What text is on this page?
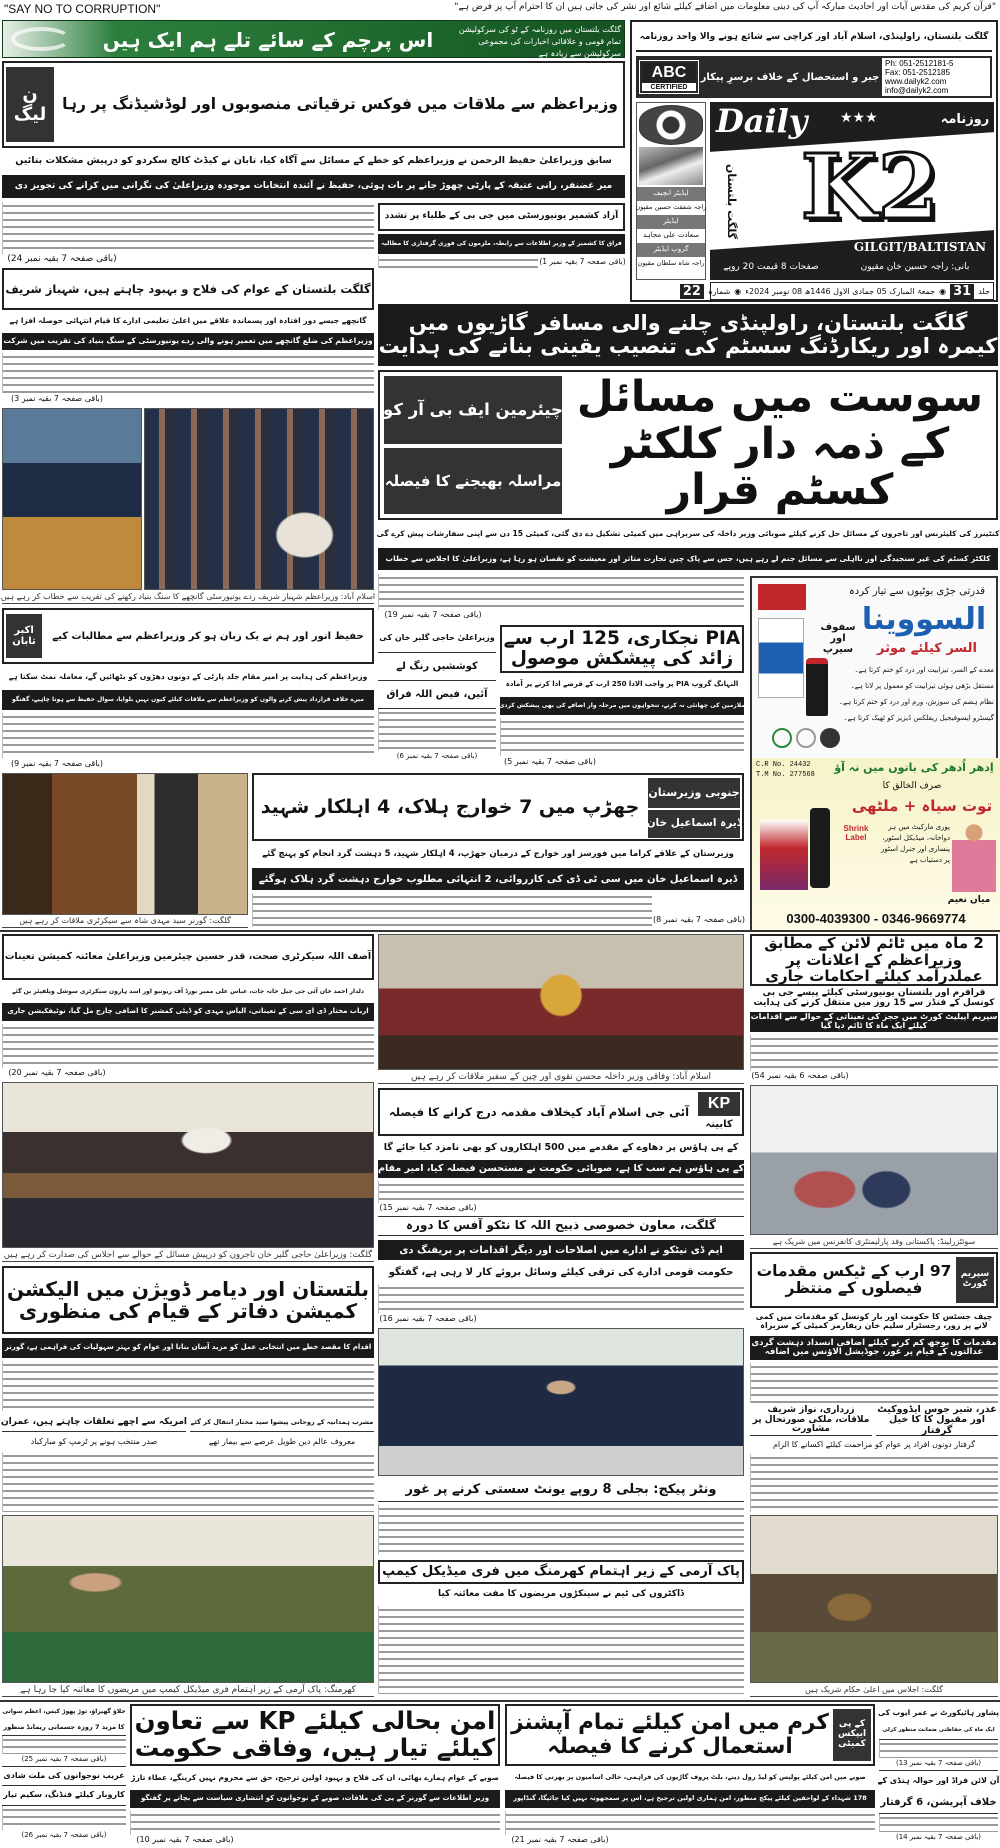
"SAY NO TO CORRUPTION"	"قرآن کریم کی مقدس آیات اور احادیث مبارکہ آپ کی دینی معلومات میں اضافے کیلئے شائع اور نشر کی جاتی ہیں ان کا احترام آپ پر فرض ہے"
اس پرچم کے سائے تلے ہم ایک ہیں	گلگت بلتستان میں روزنامہ کے ٹو کی سرکولیشن تمام قومی و علاقائی اخبارات کی مجموعی سرکولیشن سے زیادہ ہے
ن لیگ	وزیراعظم سے ملاقات میں فوکس ترقیاتی منصوبوں اور لوڈشیڈنگ پر رہا
سابق وزیراعلیٰ حفیظ الرحمن نے وزیراعظم کو خطے کے مسائل سے آگاہ کیا، تابان نے کیڈٹ کالج سکردو کو درپیش مشکلات بتائیں
میر غضنفر، رانی عتیقہ کے پارٹی چھوڑ جانے پر بات ہوئی، حفیظ نے آئندہ انتخابات موجودہ وزیراعلیٰ کی نگرانی میں کرانے کی تجویز دی
(باقی صفحہ 7 بقیہ نمبر 24)
آزاد کشمیر یونیورسٹی میں جی بی کے طلباء پر تشدد
فراق کا کشمیر کے وزیر اطلاعات سے رابطہ، ملزموں کی فوری گرفتاری کا مطالبہ
(باقی صفحہ 7 بقیہ نمبر 1)
گلگت بلتستان، راولپنڈی، اسلام آباد اور کراچی سے شائع ہونے والا واحد روزنامہ
ABC
CERTIFIED
جبر و استحصال کے خلاف برسرِ پیکار
Ph: 051-2512181-5
Fax: 051-2512185
www.dailyk2.com
info@dailyk2.com
ایڈیٹر انچیف
راجہ شفقت حسین مقپون
ایڈیٹر
سعادت علی مجاہد
گروپ ایڈیٹر
راجہ شاہ سلطان مقپون
Daily	★★★	روزنامہ
K2
گلگت بلتستان
GILGIT/BALTISTAN
صفحات 8 قیمت 20 روپے	بانی: راجہ حسین خان مقپون
جلد
31
◉
جمعۃ المبارک 05 جمادی الاول 1446ھ 08 نومبر 2024ء
◉
شمارہ
22
گلگت بلتستان کے عوام کی فلاح و بہبود چاہتے ہیں، شہباز شریف
گانچھے جیسے دور افتادہ اور پسماندہ علاقے میں اعلیٰ تعلیمی ادارے کا قیام انتہائی حوصلہ افزا ہے
وزیراعظم کی ضلع گانچھے میں تعمیر ہونے والی ردے یونیورسٹی کے سنگ بنیاد کی تقریب میں شرکت
(باقی صفحہ 7 بقیہ نمبر 3)
اسلام آباد: وزیراعظم شہباز شریف ردے یونیورسٹی گانچھے کا سنگ بنیاد رکھنے کی تقریب سے خطاب کر رہے ہیں
اکبر تابان	حفیظ انور اور ہم نے یک زبان ہو کر وزیراعظم سے مطالبات کیے
وزیراعظم کی ہدایت پر امیر مقام جلد پارٹی کے دونوں دھڑوں کو بٹھائیں گے، معاملہ نمٹ سکتا ہے
میرے خلاف قرارداد پیش کرنے والوں کو وزیراعظم سے ملاقات کیلئے کیوں نہیں بلوایا، سوال حفیظ سے ہونا چاہیے، گفتگو
(باقی صفحہ 7 بقیہ نمبر 9)
گلگت بلتستان، راولپنڈی چلنے والی مسافر گاڑیوں میں کیمرہ اور ریکارڈنگ سسٹم کی تنصیب یقینی بنانے کی ہدایت
چیئرمین ایف بی آر کو
مراسلہ بھیجنے کا فیصلہ
سوست میں مسائل کے ذمہ دار کلکٹر کسٹم قرار
کنٹینرز کی کلیئرنس اور تاجروں کے مسائل حل کرنے کیلئے صوبائی وزیر داخلہ کی سربراہی میں کمیٹی تشکیل دے دی گئی، کمیٹی 15 دن سے اپنی سفارشات پیش کرے گی
کلکٹر کسٹم کی غیر سنجیدگی اور نااہلی سے مسائل جنم لے رہے ہیں، جس سے پاک چین تجارت متاثر اور معیشت کو نقصان ہو رہا ہے، وزیراعلیٰ کا اجلاس سے خطاب
(باقی صفحہ 7 بقیہ نمبر 19)
وزیراعلیٰ حاجی گلبر خان کی
کوششیں رنگ لے
آئیں، فیض اللہ فراق
(باقی صفحہ 7 بقیہ نمبر 6)
PIA نجکاری، 125 ارب سے زائد کی پیشکش موصول
النہانگ گروپ PIA پر واجب الادا 250 ارب کے قرضے ادا کرنے پر آمادہ
ملازمین کی چھانٹی نہ کرنے، تنخواہوں میں مرحلہ وار اضافے کی بھی پیشکش کردی
(باقی صفحہ 7 بقیہ نمبر 5)
قدرتی جڑی بوٹیوں سے تیار کردہ
السووینا
السر کیلئے موثر
سفوف اور سیرپ
معدے کے السر، تیزابیت اور درد کو ختم کرتا ہے۔
مستقل بڑھی ہوئی تیزابیت کو معمول پر لاتا ہے۔
نظام ہضم کی سوزش، ورم اور درد کو ختم کرتا ہے۔
گیسٹرو ایسوفیجیل ریفلکس ڈیزیز کو ٹھیک کرتا ہے۔
اِدھر اُدھر کی باتوں میں نہ آؤ
C.R No. 24432
T.M No. 277568
صرف الخالق کا
توت سیاہ + ملٹھی
Shrink Label
پوری مارکیٹ میں ہر دواخانہ، میڈیکل اسٹور، پنساری اور جنرل اسٹور پر دستیاب ہے
میاں نعیم
0300-4039300 - 0346-9669774
گلگت: گورنر سید مہدی شاہ سے سیکرٹری ملاقات کر رہے ہیں
جنوبی وزیرستان
ڈیرہ اسماعیل خان
جھڑپ میں 7 خوارج ہلاک، 4 اہلکار شہید
وزیرستان کے علاقے کراما میں فورسز اور خوارج کے درمیان جھڑپ، 4 اہلکار شہید، 5 دہشت گرد انجام کو پہنچ گئے
ڈیرہ اسماعیل خان میں سی ٹی ڈی کی کارروائی، 2 انتہائی مطلوب خوارج دہشت گرد ہلاک ہوگئے
(باقی صفحہ 7 بقیہ نمبر 8)
آصف اللہ سیکرٹری صحت، قدر حسین چیئرمین وزیراعلیٰ معائنہ کمیشن تعینات
دلدار احمد خان آئی جی جیل خانہ جات، عباس علی ممبر بورڈ آف ریونیو اور اسد ہارون سیکرٹری سوشل ویلفیئر بن گئے
ارباب مختار ڈی ای سی کے تعیناتی، الیاس مہدی کو ڈپٹی کمشنر کا اضافی چارج مل گیا، نوٹیفکیشن جاری
(باقی صفحہ 7 بقیہ نمبر 20)
گلگت: وزیراعلیٰ حاجی گلبر خان تاجروں کو درپیش مسائل کے حوالے سے اجلاس کی صدارت کر رہے ہیں
بلتستان اور دیامر ڈویژن میں الیکشن کمیشن دفاتر کے قیام کی منظوری
اقدام کا مقصد خطے میں انتخابی عمل کو مزید آسان بنانا اور عوام کو بہتر سہولیات کی فراہمی ہے، گورنر
مشرب ہمدانیہ کے روحانی پیشوا سید مختار انتقال کر گئے
معروف عالم دین طویل عرصے سے بیمار تھے
امریکہ سے اچھے تعلقات چاہتے ہیں، عمران
صدر منتخب ہونے پر ٹرمپ کو مبارکباد
کھرمنگ: پاک آرمی کے زیر اہتمام فری میڈیکل کیمپ میں مریضوں کا معائنہ کیا جا رہا ہے
اسلام آباد: وفاقی وزیر داخلہ محسن نقوی اور چین کے سفیر ملاقات کر رہے ہیں
KP
کابینہ
آئی جی اسلام آباد کیخلاف مقدمہ درج کرانے کا فیصلہ
کے پی ہاؤس پر دھاوے کے مقدمے میں 500 اہلکاروں کو بھی نامزد کیا جائے گا
کے پی ہاؤس ہم سب کا ہے، صوبائی حکومت نے مستحسن فیصلہ کیا، امیر مقام
(باقی صفحہ 7 بقیہ نمبر 15)
گلگت، معاون خصوصی ذبیح اللہ کا نٹکو آفس کا دورہ
ایم ڈی نیٹکو نے ادارے میں اصلاحات اور دیگر اقدامات پر بریفنگ دی
حکومت قومی ادارے کی ترقی کیلئے وسائل بروئے کار لا رہی ہے، گفتگو
(باقی صفحہ 7 بقیہ نمبر 16)
ونٹر پیکج: بجلی 8 روپے یونٹ سستی کرنے پر غور
پاک آرمی کے زیر اہتمام کھرمنگ میں فری میڈیکل کیمپ
ڈاکٹروں کی ٹیم نے سینکڑوں مریضوں کا مفت معائنہ کیا
2 ماہ میں ٹائم لائن کے مطابق وزیراعظم کے اعلانات پر عملدرآمد کیلئے احکامات جاری
قراقرم اور بلتستان یونیورسٹی کیلئے پیسے جی بی کونسل کے فنڈز سے 15 روز میں منتقل کرنے کی ہدایت
سپریم اپیلیٹ کورٹ میں ججز کی تعیناتی کے حوالے سے اقدامات کیلئے ایک ماہ کا ٹائم دیا گیا
(باقی صفحہ 6 بقیہ نمبر 54)
سوئٹزرلینڈ: پاکستانی وفد پارلیمنٹری کانفرنس میں شریک ہے
سپریم کورٹ
97 ارب کے ٹیکس مقدمات فیصلوں کے منتظر
چیف جسٹس کا حکومت اور بار کونسل کو مقدمات میں کمی لانے پر زور، رجسٹرار سلیم خان ریفارمز کمیٹی کے سربراہ
مقدمات کا بوجھ کم کرنے کیلئے اضافی انسداد دہشت گردی عدالتوں کے قیام پر غور، جوڈیشل الاؤنس میں اضافہ
غذر، شیر جوس ایڈووکیٹ اور مقبول کا کا خیل گرفتار
زرداری، نواز شریف ملاقات، ملکی صورتحال پر مشاورت
گرفتار دونوں افراد پر عوام کو مزاحمت کیلئے اکسانے کا الزام
گلگت: اجلاس میں اعلیٰ حکام شریک ہیں
جلاؤ گھیراؤ، توڑ پھوڑ کیس، اعظم سواتی
کا مزید 7 روزہ جسمانی ریمانڈ منظور
(باقی صفحہ 7 بقیہ نمبر 25)
غریب نوجوانوں کی ملت شادی
کاروبار کیلئے فنڈنگ، سکیم تیار
(باقی صفحہ 7 بقیہ نمبر 26)
امن بحالی کیلئے KP سے تعاون کیلئے تیار ہیں، وفاقی حکومت
صوبے کے عوام ہمارے بھائی، ان کی فلاح و بہبود اولین ترجیح، حق سے محروم نہیں کرینگے، عطاء تارڑ
وزیر اطلاعات سے گورنر کے پی کی ملاقات، صوبے کے نوجوانوں کو انتشاری سیاست سے بچانے پر گفتگو
(باقی صفحہ 7 بقیہ نمبر 10)
کے پی ایپکس کمیٹی
کرم میں امن کیلئے تمام آپشنز استعمال کرنے کا فیصلہ
صوبے میں امن کیلئے پولیس کو لیڈ رول دینے، بلٹ پروف گاڑیوں کی فراہمی، خالی اسامیوں پر بھرتی کا فیصلہ
178 شہداء کے لواحقین کیلئے پیکج منظور، امن ہماری اولین ترجیح ہے، اس پر سمجھوتہ نہیں کیا جائیگا، گنڈاپور
(باقی صفحہ 7 بقیہ نمبر 21)
پشاور ہائیکورٹ نے عمر ایوب کی
ایک ماہ کی حفاظتی ضمانت منظور کرلی
(باقی صفحہ 7 بقیہ نمبر 13)
آن لائن فراڈ اور حوالہ ہنڈی کے
خلاف آپریشن، 6 گرفتار
(باقی صفحہ 7 بقیہ نمبر 14)
